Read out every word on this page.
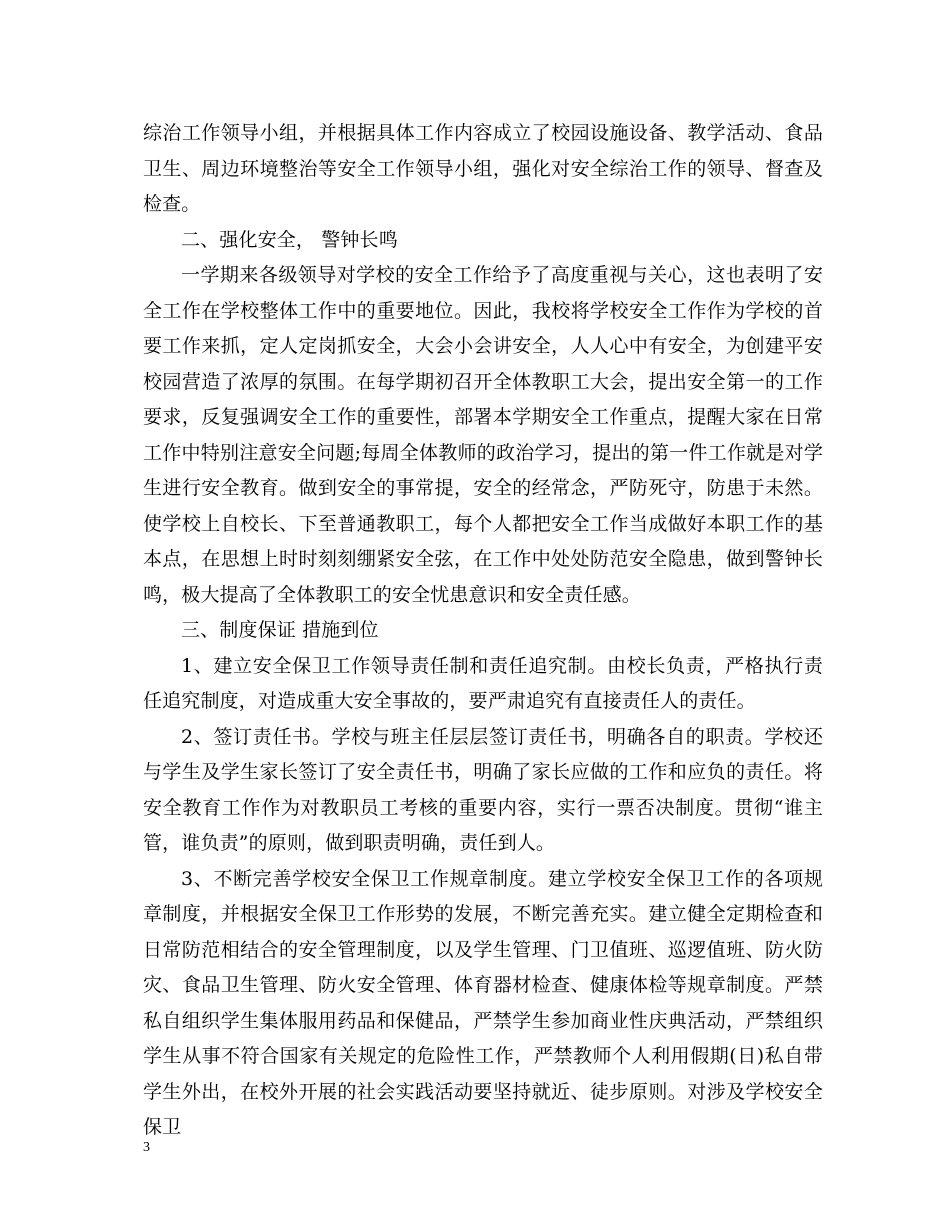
综治工作领导小组，并根据具体工作内容成立了校园设施设备、教学活动、食品卫生、周边环境整治等安全工作领导小组，强化对安全综治工作的领导、督查及检查。

二、强化安全， 警钟长鸣

一学期来各级领导对学校的安全工作给予了高度重视与关心，这也表明了安全工作在学校整体工作中的重要地位。因此，我校将学校安全工作作为学校的首要工作来抓，定人定岗抓安全，大会小会讲安全，人人心中有安全，为创建平安校园营造了浓厚的氛围。在每学期初召开全体教职工大会，提出安全第一的工作要求，反复强调安全工作的重要性，部署本学期安全工作重点，提醒大家在日常工作中特别注意安全问题;每周全体教师的政治学习，提出的第一件工作就是对学生进行安全教育。做到安全的事常提，安全的经常念，严防死守，防患于未然。使学校上自校长、下至普通教职工，每个人都把安全工作当成做好本职工作的基本点，在思想上时时刻刻绷紧安全弦，在工作中处处防范安全隐患，做到警钟长鸣，极大提高了全体教职工的安全忧患意识和安全责任感。

三、制度保证 措施到位

1、建立安全保卫工作领导责任制和责任追究制。由校长负责，严格执行责任追究制度，对造成重大安全事故的，要严肃追究有直接责任人的责任。

2、签订责任书。学校与班主任层层签订责任书，明确各自的职责。学校还与学生及学生家长签订了安全责任书，明确了家长应做的工作和应负的责任。将安全教育工作作为对教职员工考核的重要内容，实行一票否决制度。贯彻“谁主管，谁负责”的原则，做到职责明确，责任到人。

3、不断完善学校安全保卫工作规章制度。建立学校安全保卫工作的各项规章制度，并根据安全保卫工作形势的发展，不断完善充实。建立健全定期检查和日常防范相结合的安全管理制度，以及学生管理、门卫值班、巡逻值班、防火防灾、食品卫生管理、防火安全管理、体育器材检查、健康体检等规章制度。严禁私自组织学生集体服用药品和保健品，严禁学生参加商业性庆典活动，严禁组织学生从事不符合国家有关规定的危险性工作，严禁教师个人利用假期(日)私自带学生外出，在校外开展的社会实践活动要坚持就近、徒步原则。对涉及学校安全保卫

3
